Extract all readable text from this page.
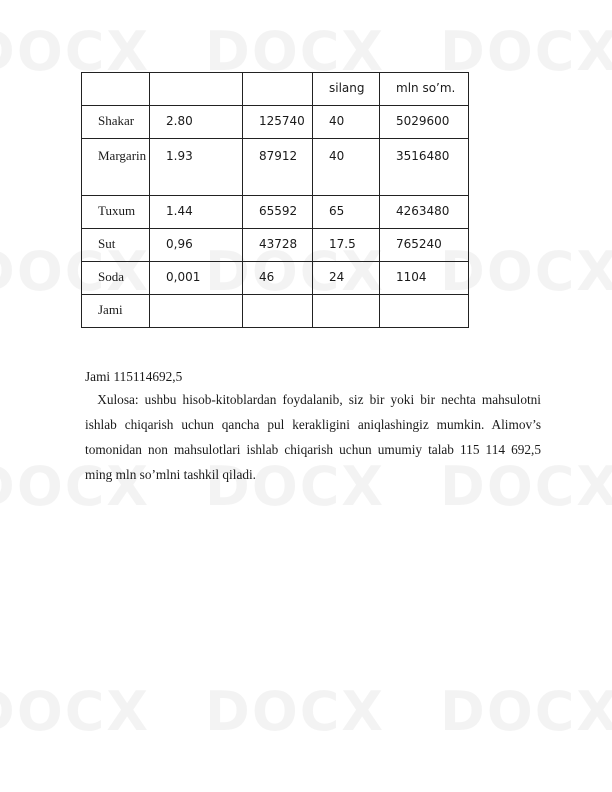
			silang	mln so’m.
Shakar	2.80	125740	40	5029600

Margarin	1.93	87912	40	3516480
Tuxum	1.44	65592	65	4263480
Sut	0,96	43728	17.5	765240
Soda	0,001	46	24	1104
Jami				
Jami 115114692,5
Xulosa: ushbu hisob-kitoblardan foydalanib, siz bir yoki bir nechta mahsulotni ishlab chiqarish uchun qancha pul kerakligini aniqlashingiz mumkin. Alimov’s tomonidan non mahsulotlari ishlab chiqarish uchun umumiy talab 115 114 692,5 ming mln so’mlni tashkil qiladi.
